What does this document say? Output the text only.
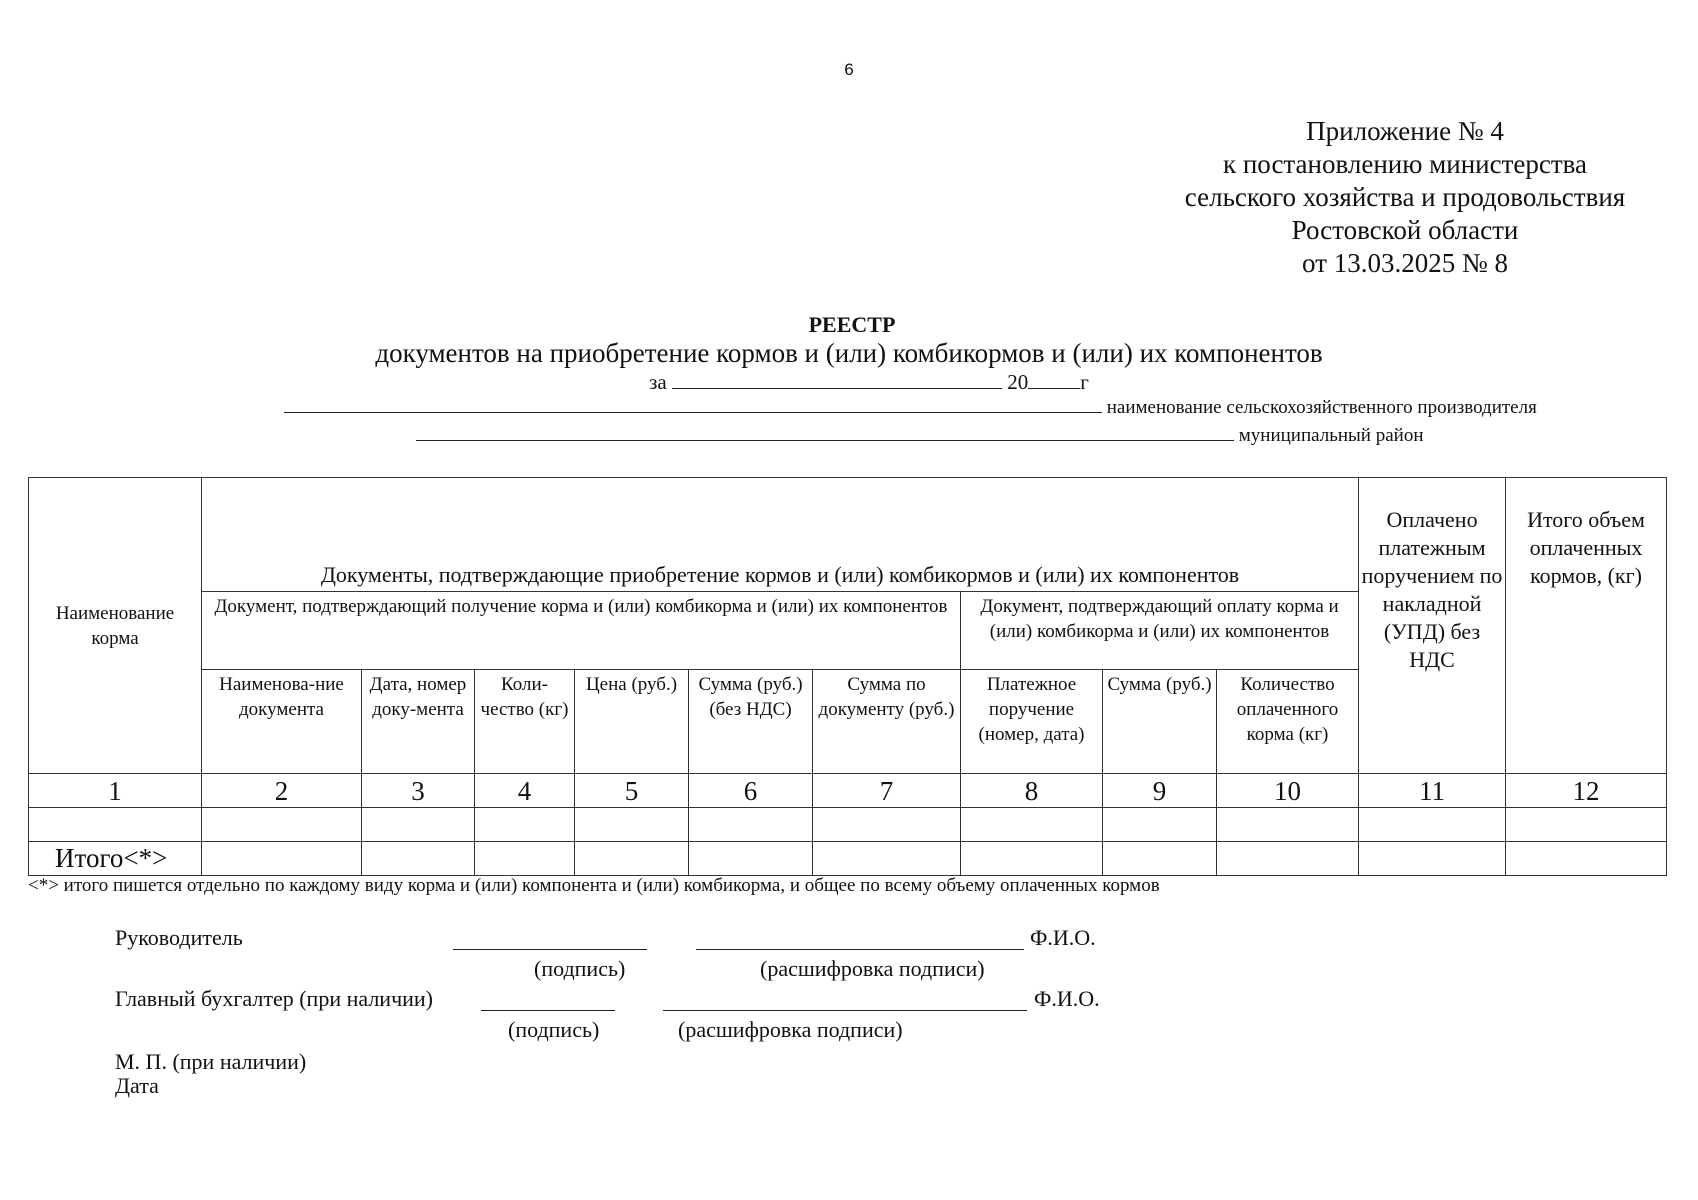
6
Приложение № 4
к постановлению министерства
сельского хозяйства и продовольствия
Ростовской области
от 13.03.2025 № 8
РЕЕСТР
документов на приобретение кормов и (или) комбикормов и (или) их компонентов
за	20 г
наименование сельскохозяйственного производителя
муниципальный район
Наименование корма	Документы, подтверждающие приобретение кормов и (или) комбикормов и (или) их компонентов									Оплачено платежным поручением по накладной (УПД) без НДС	Итого объем оплаченных кормов, (кг)
	Документ, подтверждающий получение корма и (или) комбикорма и (или) их компонентов						Документ, подтверждающий оплату корма и (или) комбикорма и (или) их компонентов				
	Наименова-ние документа	Дата, номер доку-мента	Коли-чество (кг)	Цена (руб.)	Сумма (руб.) (без НДС)	Сумма по документу (руб.)	Платежное поручение (номер, дата)	Сумма (руб.)	Количество оплаченного корма (кг)		
1	2	3	4	5	6	7	8	9	10	11	12

Итого<*>											
<*> итого пишется отдельно по каждому виду корма и (или) компонента и (или) комбикорма, и общее по всему объему оплаченных кормов
Руководитель	Ф.И.О.
(подпись)	(расшифровка подписи)
Главный бухгалтер (при наличии)	Ф.И.О.
(подпись)	(расшифровка подписи)
М. П. (при наличии)
Дата
